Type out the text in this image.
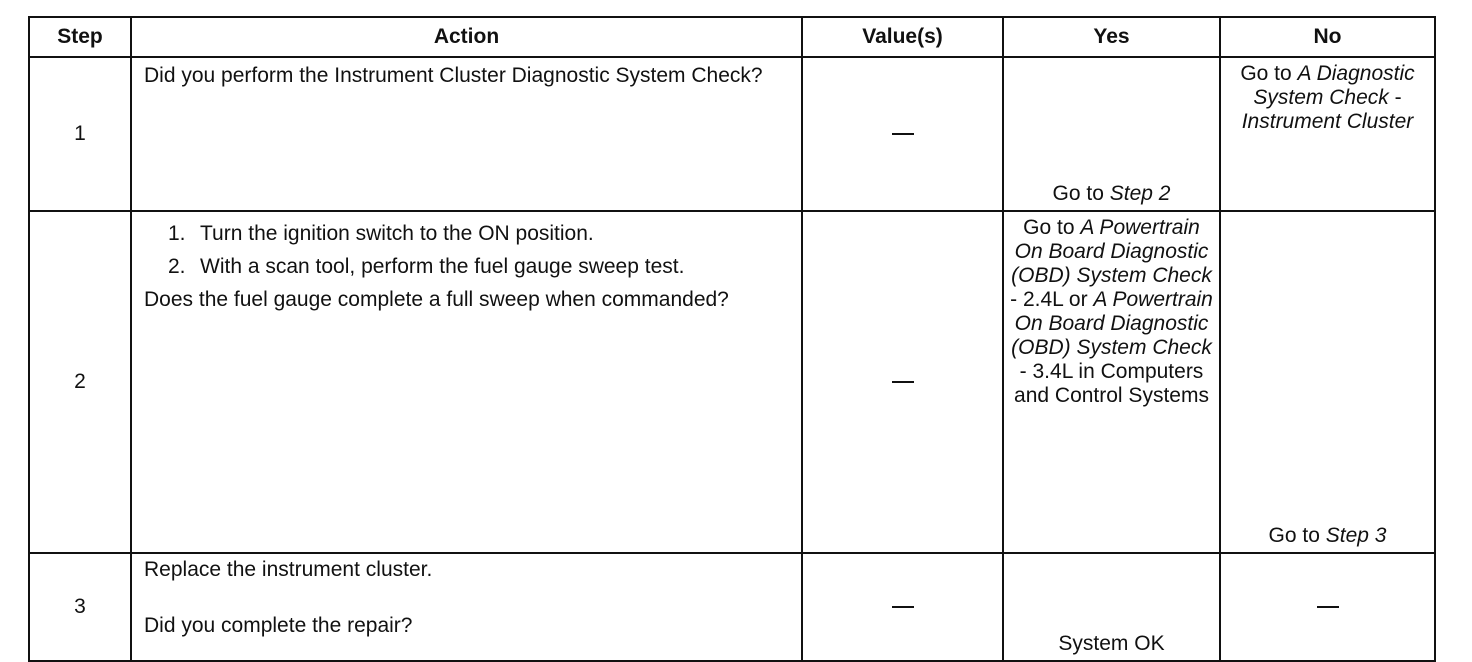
Step	Action	Value(s)	Yes	No
1	Did you perform the Instrument Cluster Diagnostic System Check?		Go to Step 2	Go to A Diagnostic System Check - Instrument Cluster

2	1. Turn the ignition switch to the ON position.
2. With a scan tool, perform the fuel gauge sweep test.

Does the fuel gauge complete a full sweep when commanded?		Go to A Powertrain On Board Diagnostic (OBD) System Check - 2.4L or A Powertrain On Board Diagnostic (OBD) System Check - 3.4L in Computers and Control Systems	Go to Step 3

3	Replace the instrument cluster.

Did you complete the repair?		System OK	
